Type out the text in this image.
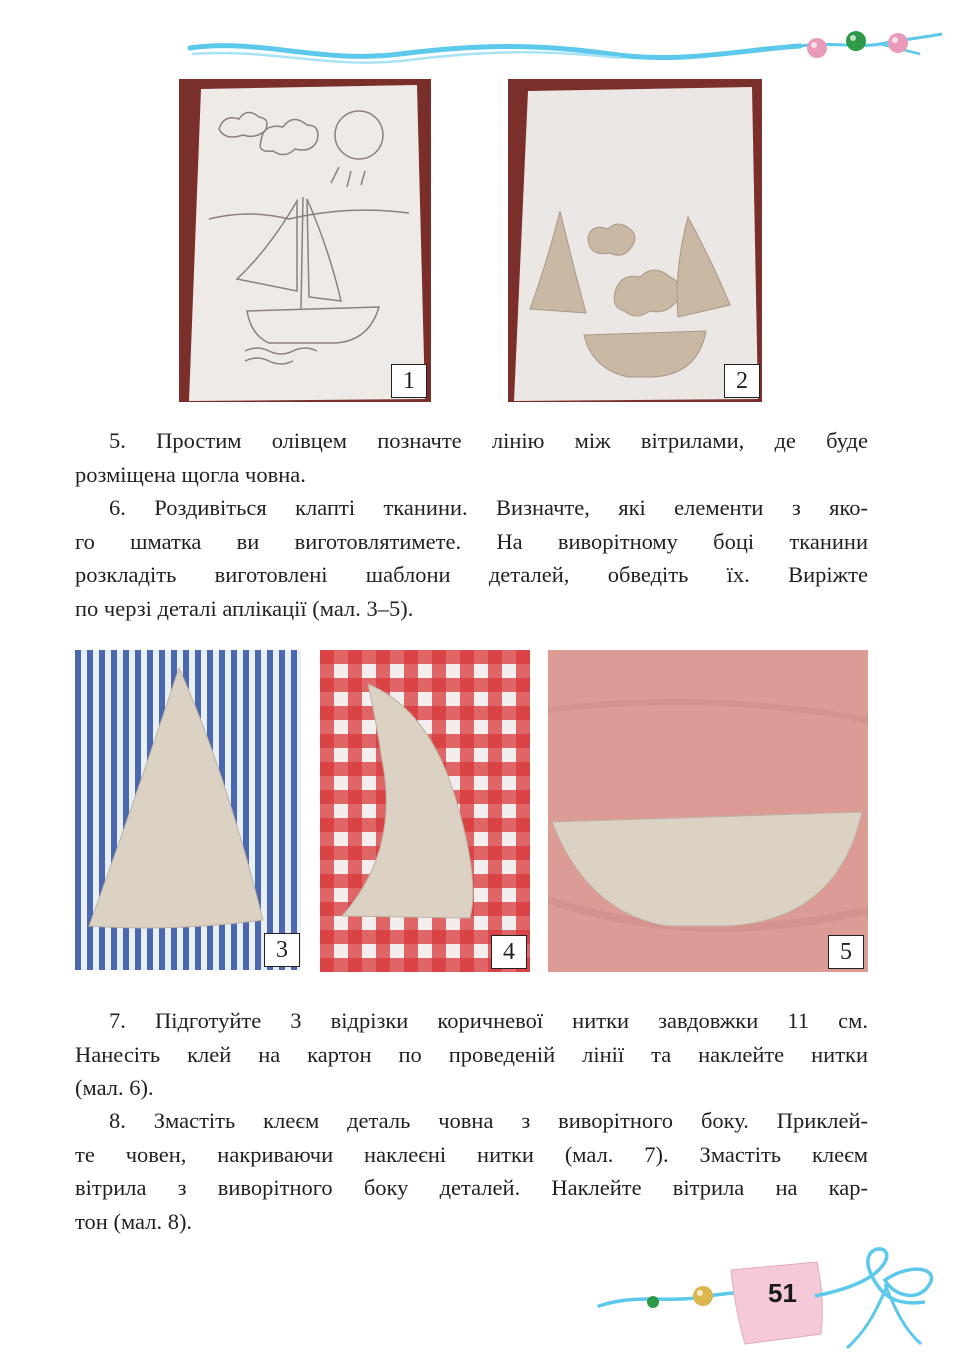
1	2

5. Простим олівцем позначте лінію між вітрилами, де буде
розміщена щогла човна.

6. Роздивіться клапті тканини. Визначте, які елементи з яко-
го шматка ви виготовлятимете. На виворітному боці тканини
розкладіть виготовлені шаблони деталей, обведіть їх. Виріжте
по черзі деталі аплікації (мал. 3–5).

3	4	5

7. Підготуйте 3 відрізки коричневої нитки завдовжки 11 см.
Нанесіть клей на картон по проведеній лінії та наклейте нитки
(мал. 6).

8. Змастіть клеєм деталь човна з виворітного боку. Приклей-
те човен, накриваючи наклеєні нитки (мал. 7). Змастіть клеєм
вітрила з виворітного боку деталей. Наклейте вітрила на кар-
тон (мал. 8).

51
